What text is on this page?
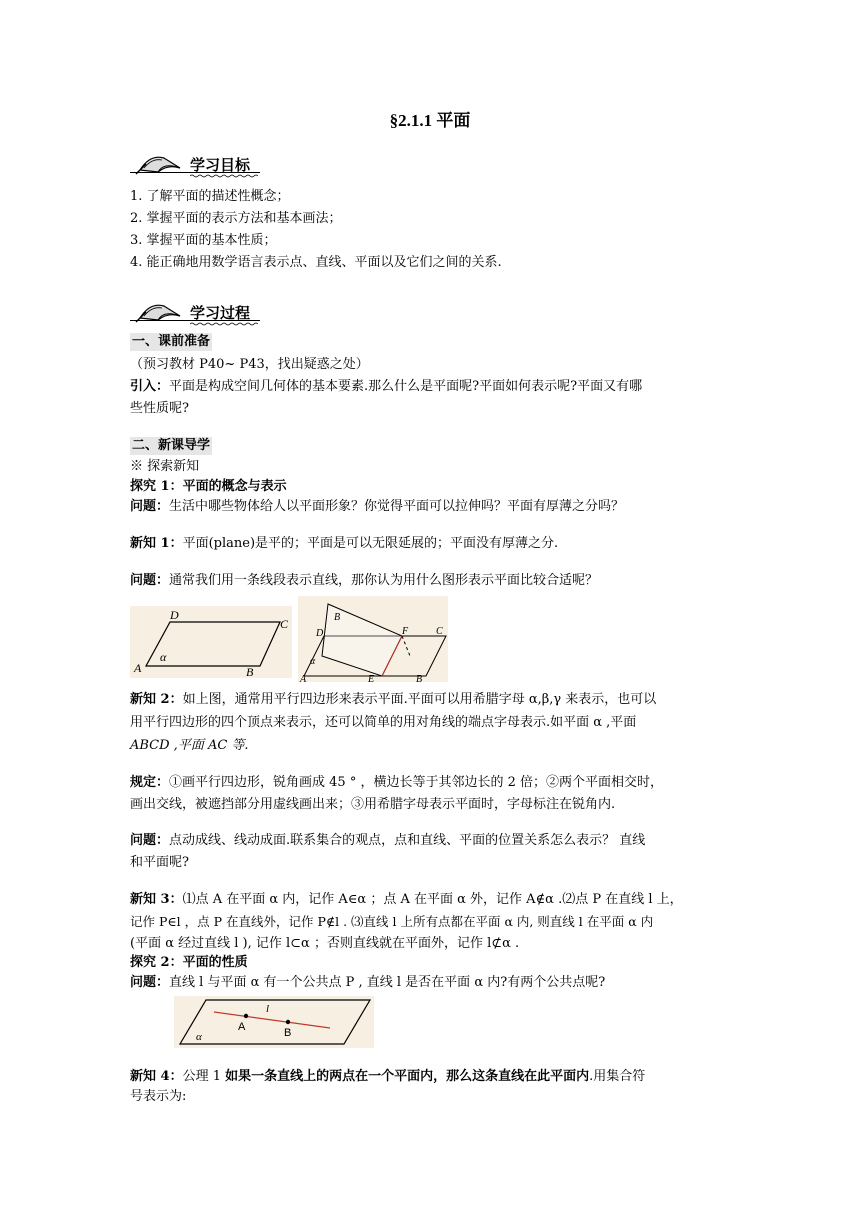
§2.1.1 平面
学习目标
1. 了解平面的描述性概念；
2. 掌握平面的表示方法和基本画法；
3. 掌握平面的基本性质；
4. 能正确地用数学语言表示点、直线、平面以及它们之间的关系.
学习过程
一、课前准备
（预习教材 P40~ P43，找出疑惑之处）
引入：平面是构成空间几何体的基本要素.那么什么是平面呢?平面如何表示呢?平面又有哪
些性质呢?
二、新课导学
※ 探索新知
探究 1：平面的概念与表示
问题：生活中哪些物体给人以平面形象？你觉得平面可以拉伸吗？平面有厚薄之分吗？
新知 1：平面(plane)是平的；平面是可以无限延展的；平面没有厚薄之分.
问题：通常我们用一条线段表示直线，那你认为用什么图形表示平面比较合适呢？
A	B
C
D
α
B
D	F	C
α
A	E	B
新知 2：如上图，通常用平行四边形来表示平面.平面可以用希腊字母 α,β,γ 来表示，也可以
用平行四边形的四个顶点来表示，还可以简单的用对角线的端点字母表示.如平面 α ,平面
ABCD ,平面 AC 等.
规定：①画平行四边形，锐角画成 45 ° ，横边长等于其邻边长的 2 倍；②两个平面相交时，
画出交线，被遮挡部分用虚线画出来；③用希腊字母表示平面时，字母标注在锐角内.
问题：点动成线、线动成面.联系集合的观点，点和直线、平面的位置关系怎么表示？ 直线
和平面呢?
新知 3：⑴点 A 在平面 α 内，记作 A∈α ；点 A 在平面 α 外，记作 A∉α .⑵点 P 在直线 l 上，
记作 P∈l ，点 P 在直线外，记作 P∉l . ⑶直线 l 上所有点都在平面 α 内, 则直线 l 在平面 α 内
(平面 α 经过直线 l ), 记作 l⊂α ；否则直线就在平面外，记作 l⊄α .
探究 2：平面的性质
问题：直线 l 与平面 α 有一个公共点 P , 直线 l 是否在平面 α 内?有两个公共点呢?
l
A	B
α
新知 4：公理 1 如果一条直线上的两点在一个平面内，那么这条直线在此平面内.用集合符
号表示为:
